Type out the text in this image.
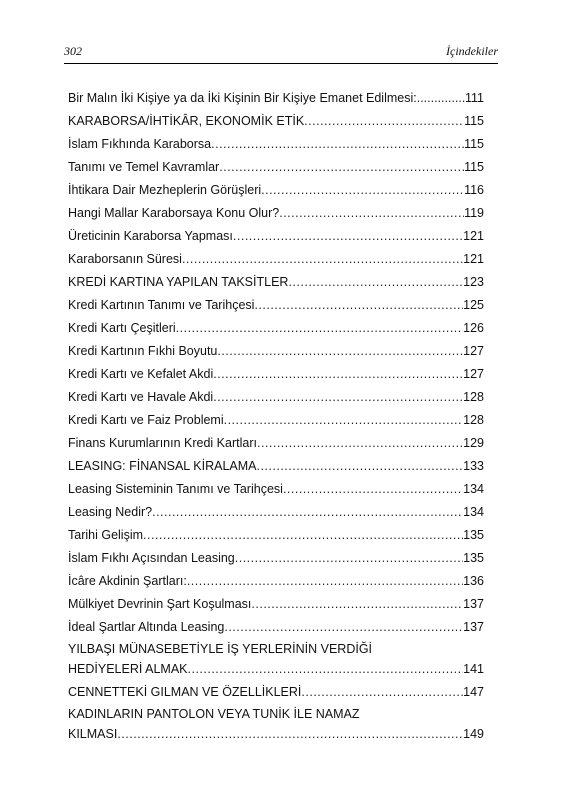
302	İçindekiler
Bir Malın İki Kişiye ya da İki Kişinin Bir Kişiye Emanet Edilmesi: .....	111
KARABORSA/İHTİKÂR, EKONOMİK ETİK .....	115
İslam Fıkhında Karaborsa .....	115
Tanımı ve Temel Kavramlar .....	115
İhtikara Dair Mezheplerin Görüşleri .....	116
Hangi Mallar Karaborsaya Konu Olur? .....	119
Üreticinin Karaborsa Yapması .....	121
Karaborsanın Süresi .....	121
KREDİ KARTINA YAPILAN TAKSİTLER .....	123
Kredi Kartının Tanımı ve Tarihçesi .....	125
Kredi Kartı Çeşitleri .....	126
Kredi Kartının Fıkhi Boyutu .....	127
Kredi Kartı ve Kefalet Akdi .....	127
Kredi Kartı ve Havale Akdi .....	128
Kredi Kartı ve Faiz Problemi .....	128
Finans Kurumlarının Kredi Kartları .....	129
LEASING: FİNANSAL KİRALAMA .....	133
Leasing Sisteminin Tanımı ve Tarihçesi .....	134
Leasing Nedir? .....	134
Tarihi Gelişim .....	135
İslam Fıkhı Açısından Leasing .....	135
İcâre Akdinin Şartları: .....	136
Mülkiyet Devrinin Şart Koşulması .....	137
İdeal Şartlar Altında Leasing .....	137
YILBAŞI MÜNASEBETİYLE İŞ YERLERİNİN VERDİĞİ
HEDİYELERİ ALMAK .....	141
CENNETTEKİ GILMAN VE ÖZELLİKLERİ .....	147
KADINLARIN PANTOLON VEYA TUNİK İLE NAMAZ
KILMASI .....	149
